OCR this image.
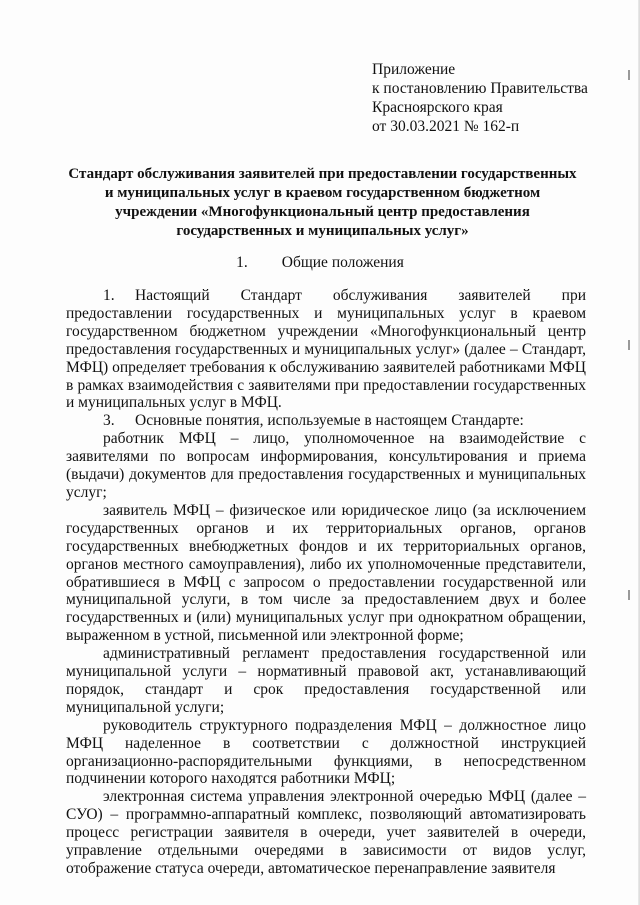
Приложение
к постановлению Правительства
Красноярского края
от 30.03.2021 № 162-п
Стандарт обслуживания заявителей при предоставлении государственных
и муниципальных услуг в краевом государственном бюджетном
учреждении «Многофункциональный центр предоставления
государственных и муниципальных услуг»
1. Общие положения

1. Настоящий Стандарт обслуживания заявителей при предоставлении государственных и муниципальных услуг в краевом государственном бюджетном учреждении «Многофункциональный центр предоставления государственных и муниципальных услуг» (далее – Стандарт, МФЦ) определяет требования к обслуживанию заявителей работниками МФЦ в рамках взаимодействия с заявителями при предоставлении государственных и муниципальных услуг в МФЦ.

3. Основные понятия, используемые в настоящем Стандарте:

работник МФЦ – лицо, уполномоченное на взаимодействие с заявителями по вопросам информирования, консультирования и приема (выдачи) документов для предоставления государственных и муниципальных услуг;

заявитель МФЦ – физическое или юридическое лицо (за исключением государственных органов и их территориальных органов, органов государственных внебюджетных фондов и их территориальных органов, органов местного самоуправления), либо их уполномоченные представители, обратившиеся в МФЦ с запросом о предоставлении государственной или муниципальной услуги, в том числе за предоставлением двух и более государственных и (или) муниципальных услуг при однократном обращении, выраженном в устной, письменной или электронной форме;

административный регламент предоставления государственной или муниципальной услуги – нормативный правовой акт, устанавливающий порядок, стандарт и срок предоставления государственной или муниципальной услуги;

руководитель структурного подразделения МФЦ – должностное лицо МФЦ наделенное в соответствии с должностной инструкцией организационно-распорядительными функциями, в непосредственном подчинении которого находятся работники МФЦ;

электронная система управления электронной очередью МФЦ (далее – СУО) – программно-аппаратный комплекс, позволяющий автоматизировать процесс регистрации заявителя в очереди, учет заявителей в очереди, управление отдельными очередями в зависимости от видов услуг, отображение статуса очереди, автоматическое перенаправление заявителя
